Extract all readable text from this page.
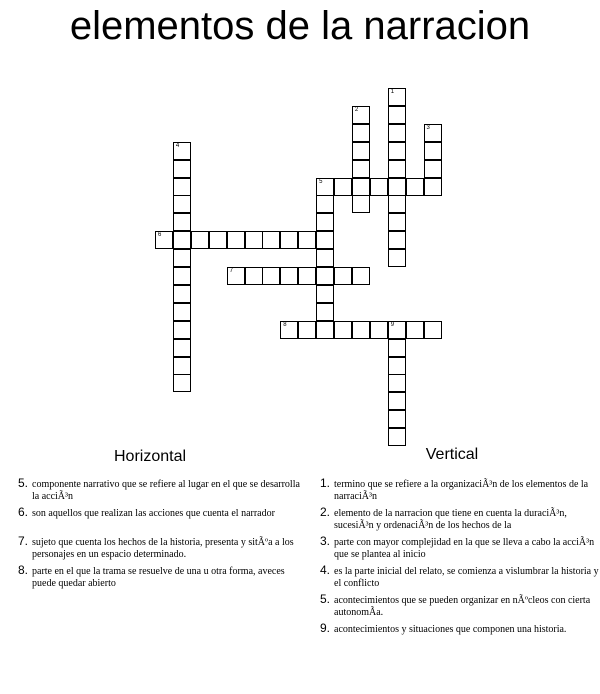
elementos de la narracion
1
2
3
4
5
6
7
8	9
Horizontal	Vertical
5. componente narrativo que se refiere al lugar en el que se desarrolla la acciÃ³n
6. son aquellos que realizan las acciones que cuenta el narrador
7. sujeto que cuenta los hechos de la historia, presenta y sitÃºa a los personajes en un espacio determinado.
8. parte en el que la trama se resuelve de una u otra forma, aveces puede quedar abierto
1. termino que se refiere a la organizaciÃ³n de los elementos de la narraciÃ³n
2. elemento de la narracion que tiene en cuenta la duraciÃ³n, sucesiÃ³n y ordenaciÃ³n de los hechos de la
3. parte con mayor complejidad en la que se lleva a cabo la acciÃ³n que se plantea al inicio
4. es la parte inicial del relato, se comienza a vislumbrar la historia y el conflicto
5. acontecimientos que se pueden organizar en nÃºcleos con cierta autonomÃa.
9. acontecimientos y situaciones que componen una historia.
